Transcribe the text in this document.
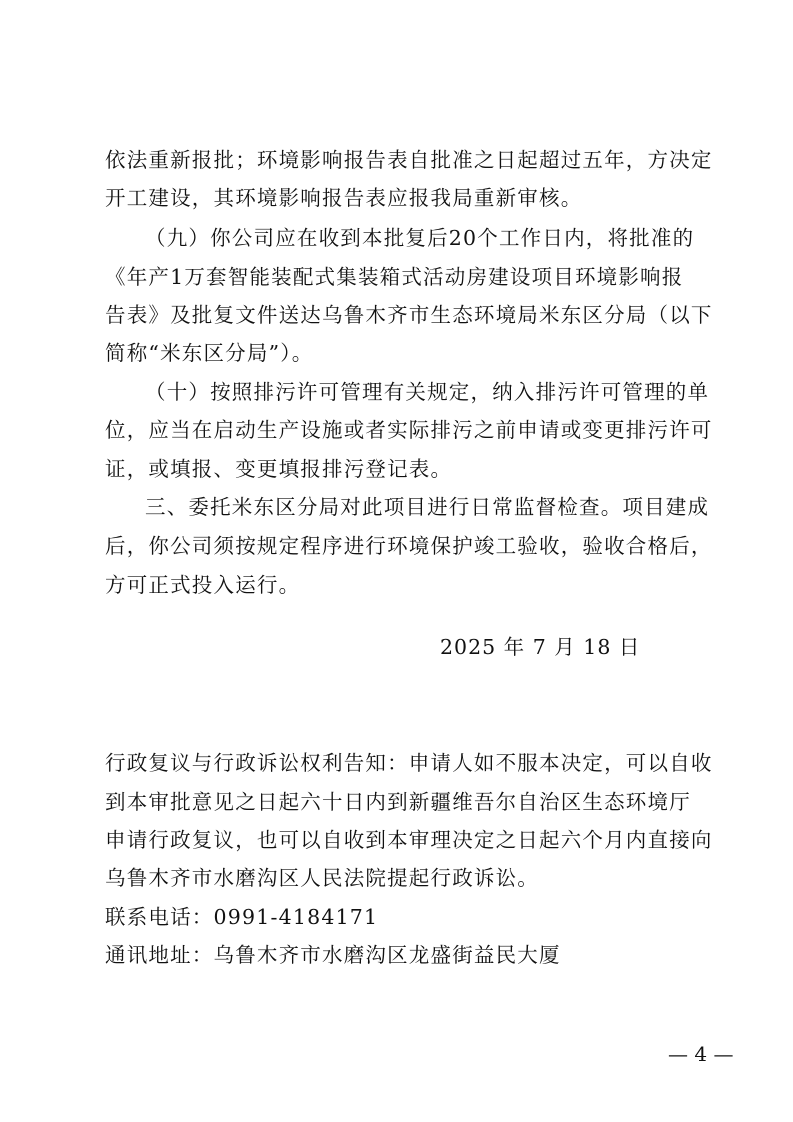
依法重新报批；环境影响报告表自批准之日起超过五年，方决定
开工建设，其环境影响报告表应报我局重新审核。
（九）你公司应在收到本批复后20个工作日内，将批准的
《年产1万套智能装配式集装箱式活动房建设项目环境影响报
告表》及批复文件送达乌鲁木齐市生态环境局米东区分局（以下
简称“米东区分局”）。
（十）按照排污许可管理有关规定，纳入排污许可管理的单
位，应当在启动生产设施或者实际排污之前申请或变更排污许可
证，或填报、变更填报排污登记表。
三、委托米东区分局对此项目进行日常监督检查。项目建成
后，你公司须按规定程序进行环境保护竣工验收，验收合格后，
方可正式投入运行。
2025 年 7 月 18 日
行政复议与行政诉讼权利告知：申请人如不服本决定，可以自收
到本审批意见之日起六十日内到新疆维吾尔自治区生态环境厅
申请行政复议，也可以自收到本审理决定之日起六个月内直接向
乌鲁木齐市水磨沟区人民法院提起行政诉讼。
联系电话：0991-4184171
通讯地址：乌鲁木齐市水磨沟区龙盛街益民大厦
— 4 —
